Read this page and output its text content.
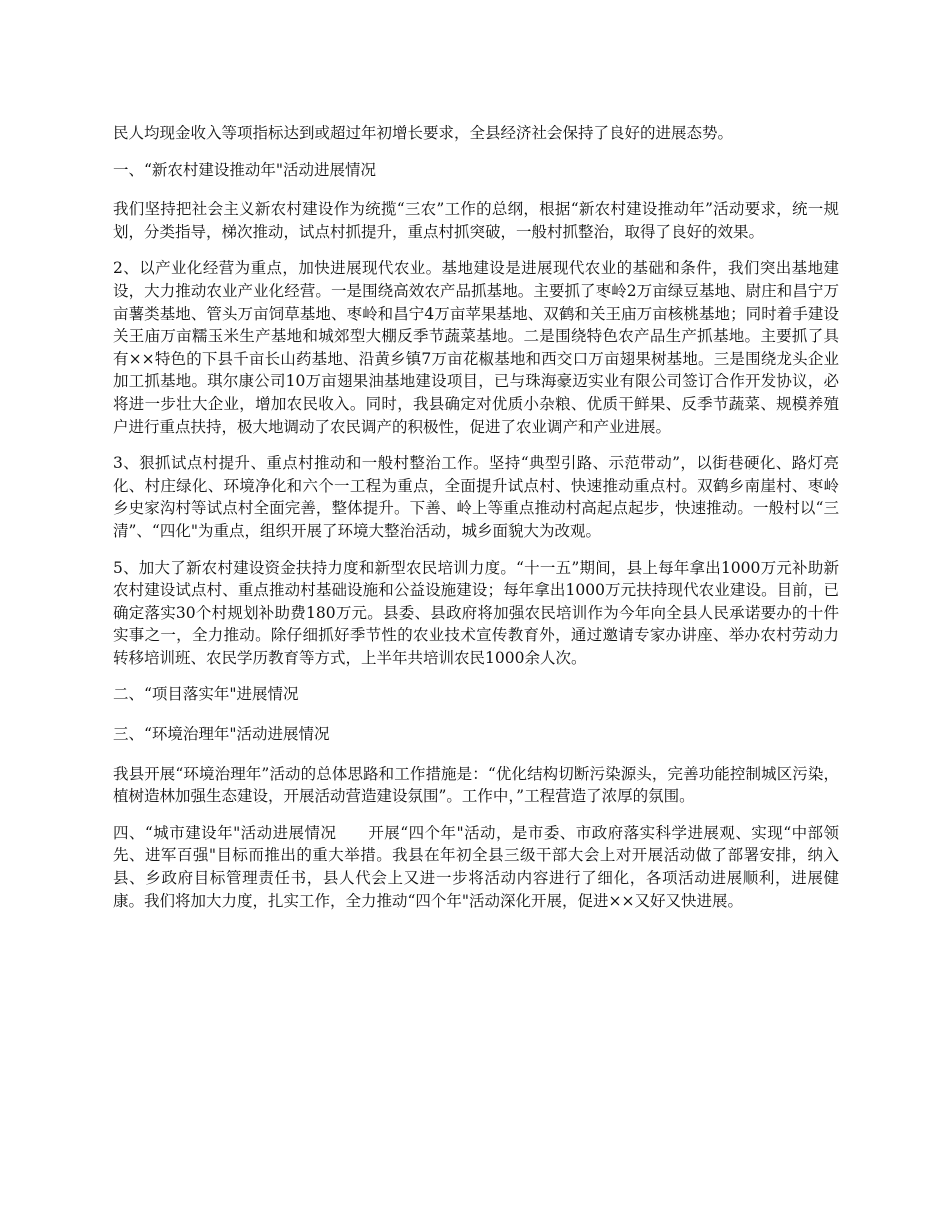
民人均现金收入等项指标达到或超过年初增长要求，全县经济社会保持了良好的进展态势。

一、“新农村建设推动年"活动进展情况

我们坚持把社会主义新农村建设作为统揽“三农”工作的总纲，根据“新农村建设推动年”活动要求，统一规划，分类指导，梯次推动，试点村抓提升，重点村抓突破，一般村抓整治，取得了良好的效果。

2、以产业化经营为重点，加快进展现代农业。基地建设是进展现代农业的基础和条件，我们突出基地建设，大力推动农业产业化经营。一是围绕高效农产品抓基地。主要抓了枣岭2万亩绿豆基地、尉庄和昌宁万亩薯类基地、管头万亩饲草基地、枣岭和昌宁4万亩苹果基地、双鹤和关王庙万亩核桃基地；同时着手建设关王庙万亩糯玉米生产基地和城郊型大棚反季节蔬菜基地。二是围绕特色农产品生产抓基地。主要抓了具有××特色的下县千亩长山药基地、沿黄乡镇7万亩花椒基地和西交口万亩翅果树基地。三是围绕龙头企业加工抓基地。琪尔康公司10万亩翅果油基地建设项目，已与珠海豪迈实业有限公司签订合作开发协议，必将进一步壮大企业，增加农民收入。同时，我县确定对优质小杂粮、优质干鲜果、反季节蔬菜、规模养殖户进行重点扶持，极大地调动了农民调产的积极性，促进了农业调产和产业进展。

3、狠抓试点村提升、重点村推动和一般村整治工作。坚持“典型引路、示范带动”，以街巷硬化、路灯亮化、村庄绿化、环境净化和六个一工程为重点，全面提升试点村、快速推动重点村。双鹤乡南崖村、枣岭乡史家沟村等试点村全面完善，整体提升。下善、岭上等重点推动村高起点起步，快速推动。一般村以“三清”、“四化"为重点，组织开展了环境大整治活动，城乡面貌大为改观。

5、加大了新农村建设资金扶持力度和新型农民培训力度。“十一五”期间，县上每年拿出1000万元补助新农村建设试点村、重点推动村基础设施和公益设施建设；每年拿出1000万元扶持现代农业建设。目前，已确定落实30个村规划补助费180万元。县委、县政府将加强农民培训作为今年向全县人民承诺要办的十件实事之一，全力推动。除仔细抓好季节性的农业技术宣传教育外，通过邀请专家办讲座、举办农村劳动力转移培训班、农民学历教育等方式，上半年共培训农民1000余人次。

二、“项目落实年"进展情况

三、“环境治理年"活动进展情况

我县开展“环境治理年”活动的总体思路和工作措施是：“优化结构切断污染源头，完善功能控制城区污染，植树造林加强生态建设，开展活动营造建设氛围”。工作中，”工程营造了浓厚的氛围。

四、“城市建设年"活动进展情况　　开展“四个年"活动，是市委、市政府落实科学进展观、实现“中部领先、进军百强"目标而推出的重大举措。我县在年初全县三级干部大会上对开展活动做了部署安排，纳入县、乡政府目标管理责任书，县人代会上又进一步将活动内容进行了细化，各项活动进展顺利，进展健康。我们将加大力度，扎实工作，全力推动“四个年"活动深化开展，促进××又好又快进展。
